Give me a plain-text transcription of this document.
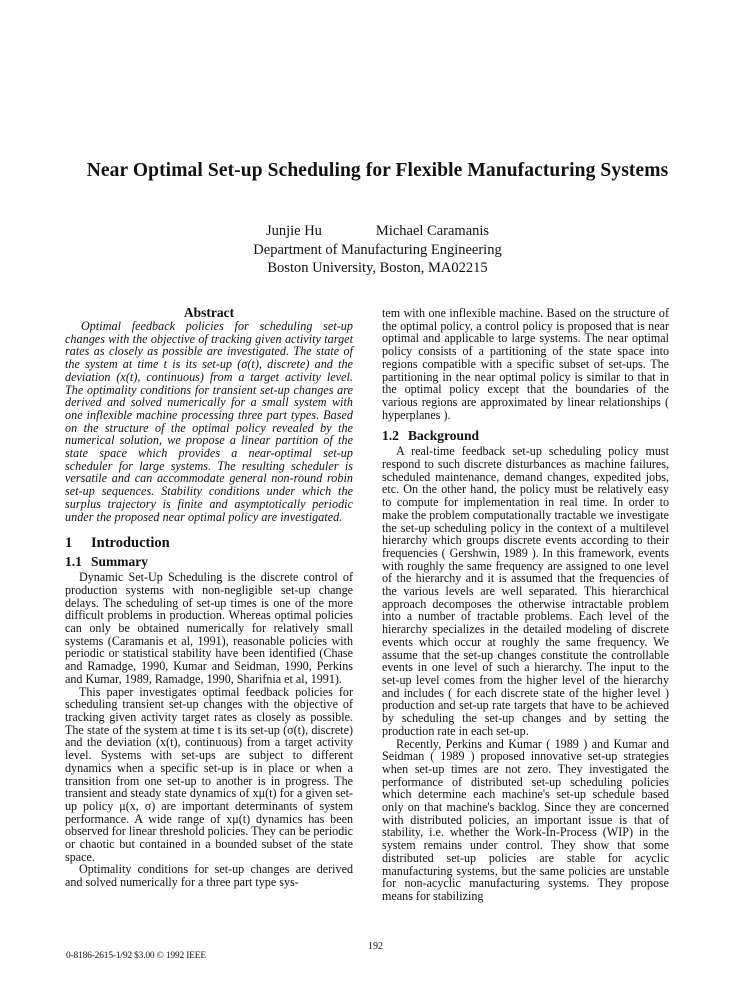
Near Optimal Set-up Scheduling for Flexible Manufacturing Systems
Junjie Hu	Michael Caramanis
Department of Manufacturing Engineering
Boston University, Boston, MA02215
Abstract

Optimal feedback policies for scheduling set-up changes with the objective of tracking given activity target rates as closely as possible are investigated. The state of the system at time t is its set-up (σ(t), discrete) and the deviation (x(t), continuous) from a target activity level. The optimality conditions for transient set-up changes are derived and solved numerically for a small system with one inflexible machine processing three part types. Based on the structure of the optimal policy revealed by the numerical solution, we propose a linear partition of the state space which provides a near-optimal set-up scheduler for large systems. The resulting scheduler is versatile and can accommodate general non-round robin set-up sequences. Stability conditions under which the surplus trajectory is finite and asymptotically periodic under the proposed near optimal policy are investigated.

1 Introduction
1.1 Summary

Dynamic Set-Up Scheduling is the discrete control of production systems with non-negligible set-up change delays. The scheduling of set-up times is one of the more difficult problems in production. Whereas optimal policies can only be obtained numerically for relatively small systems (Caramanis et al, 1991), reasonable policies with periodic or statistical stability have been identified (Chase and Ramadge, 1990, Kumar and Seidman, 1990, Perkins and Kumar, 1989, Ramadge, 1990, Sharifnia et al, 1991).

This paper investigates optimal feedback policies for scheduling transient set-up changes with the objective of tracking given activity target rates as closely as possible. The state of the system at time t is its set-up (σ(t), discrete) and the deviation (x(t), continuous) from a target activity level. Systems with set-ups are subject to different dynamics when a specific set-up is in place or when a transition from one set-up to another is in progress. The transient and steady state dynamics of xμ(t) for a given set-up policy μ(x, σ) are important determinants of system performance. A wide range of xμ(t) dynamics has been observed for linear threshold policies. They can be periodic or chaotic but contained in a bounded subset of the state space.

Optimality conditions for set-up changes are derived and solved numerically for a three part type sys-

tem with one inflexible machine. Based on the structure of the optimal policy, a control policy is proposed that is near optimal and applicable to large systems. The near optimal policy consists of a partitioning of the state space into regions compatible with a specific subset of set-ups. The partitioning in the near optimal policy is similar to that in the optimal policy except that the boundaries of the various regions are approximated by linear relationships ( hyperplanes ).

1.2 Background

A real-time feedback set-up scheduling policy must respond to such discrete disturbances as machine failures, scheduled maintenance, demand changes, expedited jobs, etc. On the other hand, the policy must be relatively easy to compute for implementation in real time. In order to make the problem computationally tractable we investigate the set-up scheduling policy in the context of a multilevel hierarchy which groups discrete events according to their frequencies ( Gershwin, 1989 ). In this framework, events with roughly the same frequency are assigned to one level of the hierarchy and it is assumed that the frequencies of the various levels are well separated. This hierarchical approach decomposes the otherwise intractable problem into a number of tractable problems. Each level of the hierarchy specializes in the detailed modeling of discrete events which occur at roughly the same frequency. We assume that the set-up changes constitute the controllable events in one level of such a hierarchy. The input to the set-up level comes from the higher level of the hierarchy and includes ( for each discrete state of the higher level ) production and set-up rate targets that have to be achieved by scheduling the set-up changes and by setting the production rate in each set-up.

Recently, Perkins and Kumar ( 1989 ) and Kumar and Seidman ( 1989 ) proposed innovative set-up strategies when set-up times are not zero. They investigated the performance of distributed set-up scheduling policies which determine each machine's set-up schedule based only on that machine's backlog. Since they are concerned with distributed policies, an important issue is that of stability, i.e. whether the Work-In-Process (WIP) in the system remains under control. They show that some distributed set-up policies are stable for acyclic manufacturing systems, but the same policies are unstable for non-acyclic manufacturing systems. They propose means for stabilizing

192
0-8186-2615-1/92 $3.00 © 1992 IEEE
